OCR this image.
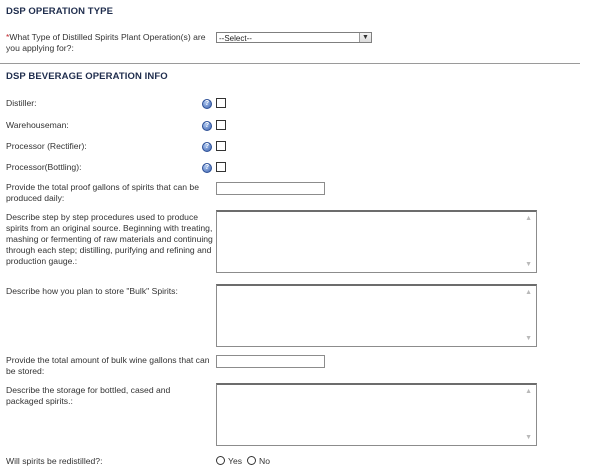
DSP OPERATION TYPE
*What Type of Distilled Spirits Plant Operation(s) are you applying for?:
--Select--	▼
DSP BEVERAGE OPERATION INFO
Distiller:	?
Warehouseman:	?
Processor (Rectifier):	?
Processor(Bottling):	?
Provide the total proof gallons of spirits that can be produced daily:
Describe step by step procedures used to produce spirits from an original source. Beginning with treating, mashing or fermenting of raw materials and continuing through each step; distilling, purifying and refining and production gauge.:
▲
▼
Describe how you plan to store "Bulk" Spirits:	▲
▼
Provide the total amount of bulk wine gallons that can be stored:
Describe the storage for bottled, cased and packaged spirits.:
▲
▼
Will spirits be redistilled?:	Yes No
